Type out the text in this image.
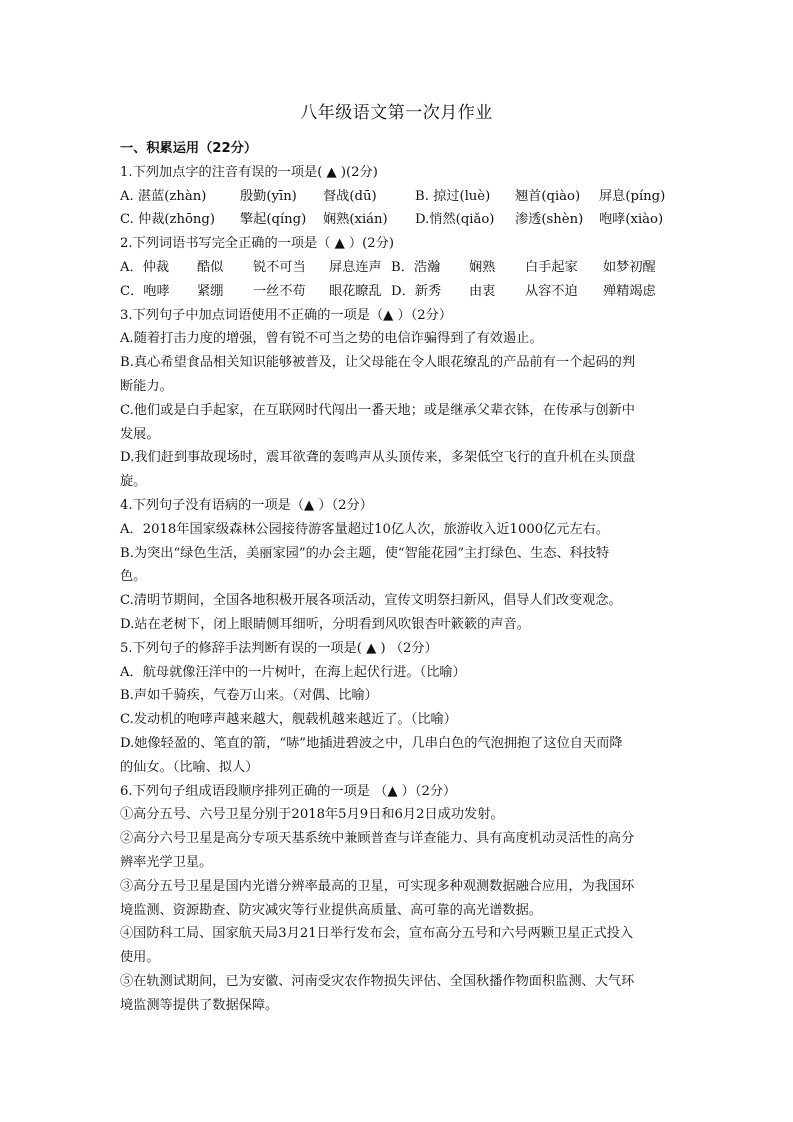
八年级语文第一次月作业
一、积累运用（22分）
1.下列加点字的注音有误的一项是( ▲ )(2分)
A. 湛蓝(zhàn)	殷勤(yīn)	督战(dū)	B. 掠过(luè)	翘首(qiào)	屏息(píng)
C. 仲裁(zhōng)	擎起(qíng)	娴熟(xián)	D.悄然(qiǎo)	渗透(shèn)	咆哮(xiào)
2.下列词语书写完全正确的一项是（ ▲ ）(2分)
A．仲裁	酷似	锐不可当	屏息连声 B．浩瀚	娴熟	白手起家	如梦初醒
C．咆哮	紧绷	一丝不苟	眼花瞭乱 D．新秀	由衷	从容不迫	殚精竭虑
3.下列句子中加点词语使用不正确的一项是（▲ ）（2分）
A.随着打击力度的增强，曾有锐不可当之势的电信诈骗得到了有效遏止。
B.真心希望食品相关知识能够被普及，让父母能在令人眼花缭乱的产品前有一个起码的判
断能力。
C.他们或是白手起家，在互联网时代闯出一番天地；或是继承父辈衣钵，在传承与创新中
发展。
D.我们赶到事故现场时，震耳欲聋的轰鸣声从头顶传来，多架低空飞行的直升机在头顶盘
旋。
4.下列句子没有语病的一项是（▲ ）（2分）
A．2018年国家级森林公园接待游客量超过10亿人次，旅游收入近1000亿元左右。
B.为突出“绿色生活，美丽家园”的办会主题，使“智能花园”主打绿色、生态、科技特
色。
C.清明节期间，全国各地积极开展各项活动，宣传文明祭扫新风，倡导人们改变观念。
D.站在老树下，闭上眼睛侧耳细听，分明看到风吹银杏叶簌簌的声音。
5.下列句子的修辞手法判断有误的一项是( ▲ ) （2分）
A．航母就像汪洋中的一片树叶，在海上起伏行进。（比喻）
B.声如千骑疾，气卷万山来。（对偶、比喻）
C.发动机的咆哮声越来越大，舰载机越来越近了。（比喻）
D.她像轻盈的、笔直的箭，“哧”地插进碧波之中，几串白色的气泡拥抱了这位自天而降
的仙女。（比喻、拟人）
6.下列句子组成语段顺序排列正确的一项是 （▲ ）（2分）
①高分五号、六号卫星分别于2018年5月9日和6月2日成功发射。
②高分六号卫星是高分专项天基系统中兼顾普查与详查能力、具有高度机动灵活性的高分
辨率光学卫星。
③高分五号卫星是国内光谱分辨率最高的卫星，可实现多种观测数据融合应用，为我国环
境监测、资源勘查、防灾减灾等行业提供高质量、高可靠的高光谱数据。
④国防科工局、国家航天局3月21日举行发布会，宣布高分五号和六号两颗卫星正式投入
使用。
⑤在轨测试期间，已为安徽、河南受灾农作物损失评估、全国秋播作物面积监测、大气环
境监测等提供了数据保障。
